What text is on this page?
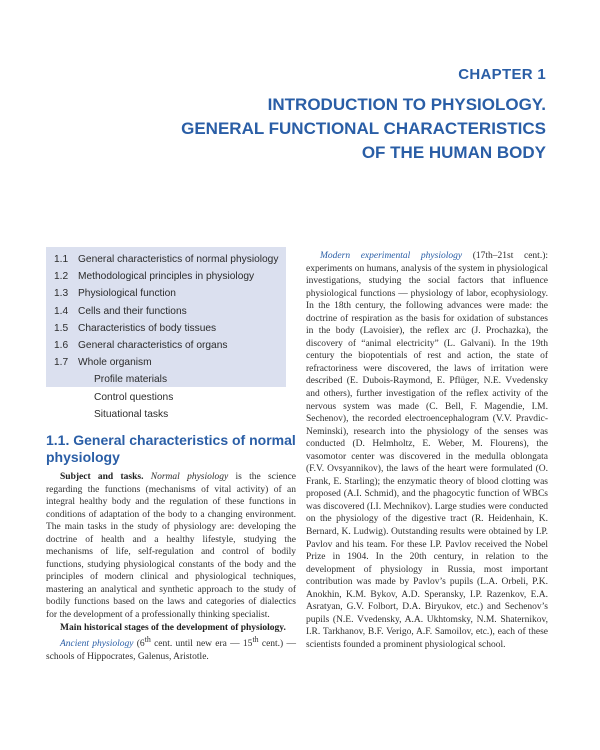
CHAPTER 1
INTRODUCTION TO PHYSIOLOGY.
GENERAL FUNCTIONAL CHARACTERISTICS
OF THE HUMAN BODY
1.1 General characteristics of normal physiology
1.2 Methodological principles in physiology
1.3 Physiological function
1.4 Cells and their functions
1.5 Characteristics of body tissues
1.6 General characteristics of organs
1.7 Whole organism
Profile materials
Control questions
Situational tasks
1.1. General characteristics of normal physiology

Subject and tasks. Normal physiology is the science regarding the functions (mechanisms of vital activity) of an integral healthy body and the regulation of these functions in conditions of adaptation of the body to a changing environment. The main tasks in the study of physiology are: developing the doctrine of health and a healthy lifestyle, studying the mechanisms of life, self-regulation and control of bodily functions, studying physiological constants of the body and the principles of modern clinical and physiological techniques, mastering an analytical and synthetic approach to the study of bodily functions based on the laws and categories of dialectics for the development of a professionally thinking specialist.

Main historical stages of the development of physiology.

Ancient physiology (6th cent. until new era — 15th cent.) — schools of Hippocrates, Galenus, Aristotle.

Modern experimental physiology (17th–21st cent.): experiments on humans, analysis of the system in physiological investigations, studying the social factors that influence physiological functions — physiology of labor, ecophysiology. In the 18th century, the following advances were made: the doctrine of respiration as the basis for oxidation of substances in the body (Lavoisier), the reflex arc (J. Prochazka), the discovery of “animal electricity” (L. Galvani). In the 19th century the biopotentials of rest and action, the state of refractoriness were discovered, the laws of irritation were described (E. Dubois-Raymond, E. Pflüger, N.E. Vvedensky and others), further investigation of the reflex activity of the nervous system was made (C. Bell, F. Magendie, I.M. Sechenov), the recorded electroencephalogram (V.V. Pravdic-Neminski), research into the physiology of the senses was conducted (D. Helmholtz, E. Weber, M. Flourens), the vasomotor center was discovered in the medulla oblongata (F.V. Ovsyannikov), the laws of the heart were formulated (O. Frank, E. Starling); the enzymatic theory of blood clotting was proposed (A.I. Schmid), and the phagocytic function of WBCs was discovered (I.I. Mechnikov). Large studies were conducted on the physiology of the digestive tract (R. Heidenhain, K. Bernard, K. Ludwig). Outstanding results were obtained by I.P. Pavlov and his team. For these I.P. Pavlov received the Nobel Prize in 1904. In the 20th century, in relation to the development of physiology in Russia, most important contribution was made by Pavlov’s pupils (L.A. Orbeli, P.K. Anokhin, K.M. Bykov, A.D. Speransky, I.P. Razenkov, E.A. Asratyan, G.V. Folbort, D.A. Biryukov, etc.) and Sechenov’s pupils (N.E. Vvedensky, A.A. Ukhtomsky, N.M. Shaternikov, I.R. Tarkhanov, B.F. Verigo, A.F. Samoilov, etc.), each of these scientists founded a prominent physiological school.
